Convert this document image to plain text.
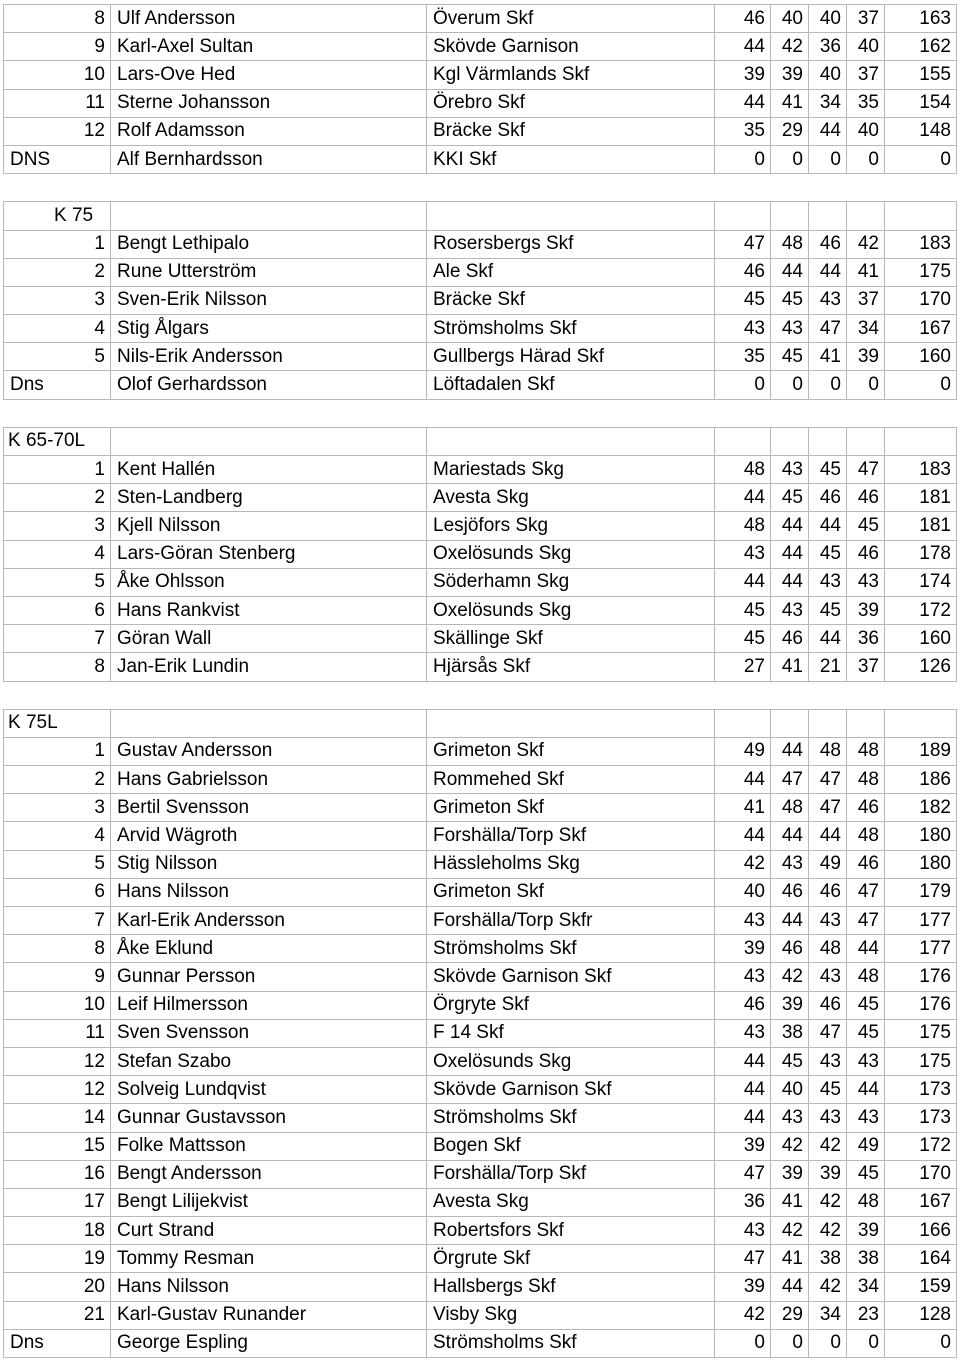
8	Ulf Andersson	Överum Skf	46	40	40	37	163
9	Karl-Axel Sultan	Skövde Garnison	44	42	36	40	162
10	Lars-Ove Hed	Kgl Värmlands Skf	39	39	40	37	155
11	Sterne Johansson	Örebro Skf	44	41	34	35	154
12	Rolf Adamsson	Bräcke Skf	35	29	44	40	148
DNS	Alf Bernhardsson	KKI Skf	0	0	0	0	0

K 75							
1	Bengt Lethipalo	Rosersbergs Skf	47	48	46	42	183
2	Rune Utterström	Ale Skf	46	44	44	41	175
3	Sven-Erik Nilsson	Bräcke Skf	45	45	43	37	170
4	Stig Ålgars	Strömsholms Skf	43	43	47	34	167
5	Nils-Erik Andersson	Gullbergs Härad Skf	35	45	41	39	160
Dns	Olof Gerhardsson	Löftadalen Skf	0	0	0	0	0

K 65-70L							
1	Kent Hallén	Mariestads Skg	48	43	45	47	183
2	Sten-Landberg	Avesta Skg	44	45	46	46	181
3	Kjell Nilsson	Lesjöfors Skg	48	44	44	45	181
4	Lars-Göran Stenberg	Oxelösunds Skg	43	44	45	46	178
5	Åke Ohlsson	Söderhamn Skg	44	44	43	43	174
6	Hans Rankvist	Oxelösunds Skg	45	43	45	39	172
7	Göran Wall	Skällinge Skf	45	46	44	36	160
8	Jan-Erik Lundin	Hjärsås Skf	27	41	21	37	126

K 75L							
1	Gustav Andersson	Grimeton Skf	49	44	48	48	189
2	Hans Gabrielsson	Rommehed Skf	44	47	47	48	186
3	Bertil Svensson	Grimeton Skf	41	48	47	46	182
4	Arvid Wägroth	Forshälla/Torp Skf	44	44	44	48	180
5	Stig Nilsson	Hässleholms Skg	42	43	49	46	180
6	Hans Nilsson	Grimeton Skf	40	46	46	47	179
7	Karl-Erik Andersson	Forshälla/Torp Skfr	43	44	43	47	177
8	Åke Eklund	Strömsholms Skf	39	46	48	44	177
9	Gunnar Persson	Skövde Garnison Skf	43	42	43	48	176
10	Leif Hilmersson	Örgryte Skf	46	39	46	45	176
11	Sven Svensson	F 14 Skf	43	38	47	45	175
12	Stefan Szabo	Oxelösunds Skg	44	45	43	43	175
12	Solveig Lundqvist	Skövde Garnison Skf	44	40	45	44	173
14	Gunnar Gustavsson	Strömsholms Skf	44	43	43	43	173
15	Folke Mattsson	Bogen Skf	39	42	42	49	172
16	Bengt Andersson	Forshälla/Torp Skf	47	39	39	45	170
17	Bengt Lilijekvist	Avesta Skg	36	41	42	48	167
18	Curt Strand	Robertsfors Skf	43	42	42	39	166
19	Tommy Resman	Örgrute Skf	47	41	38	38	164
20	Hans Nilsson	Hallsbergs Skf	39	44	42	34	159
21	Karl-Gustav Runander	Visby Skg	42	29	34	23	128
Dns	George Espling	Strömsholms Skf	0	0	0	0	0
